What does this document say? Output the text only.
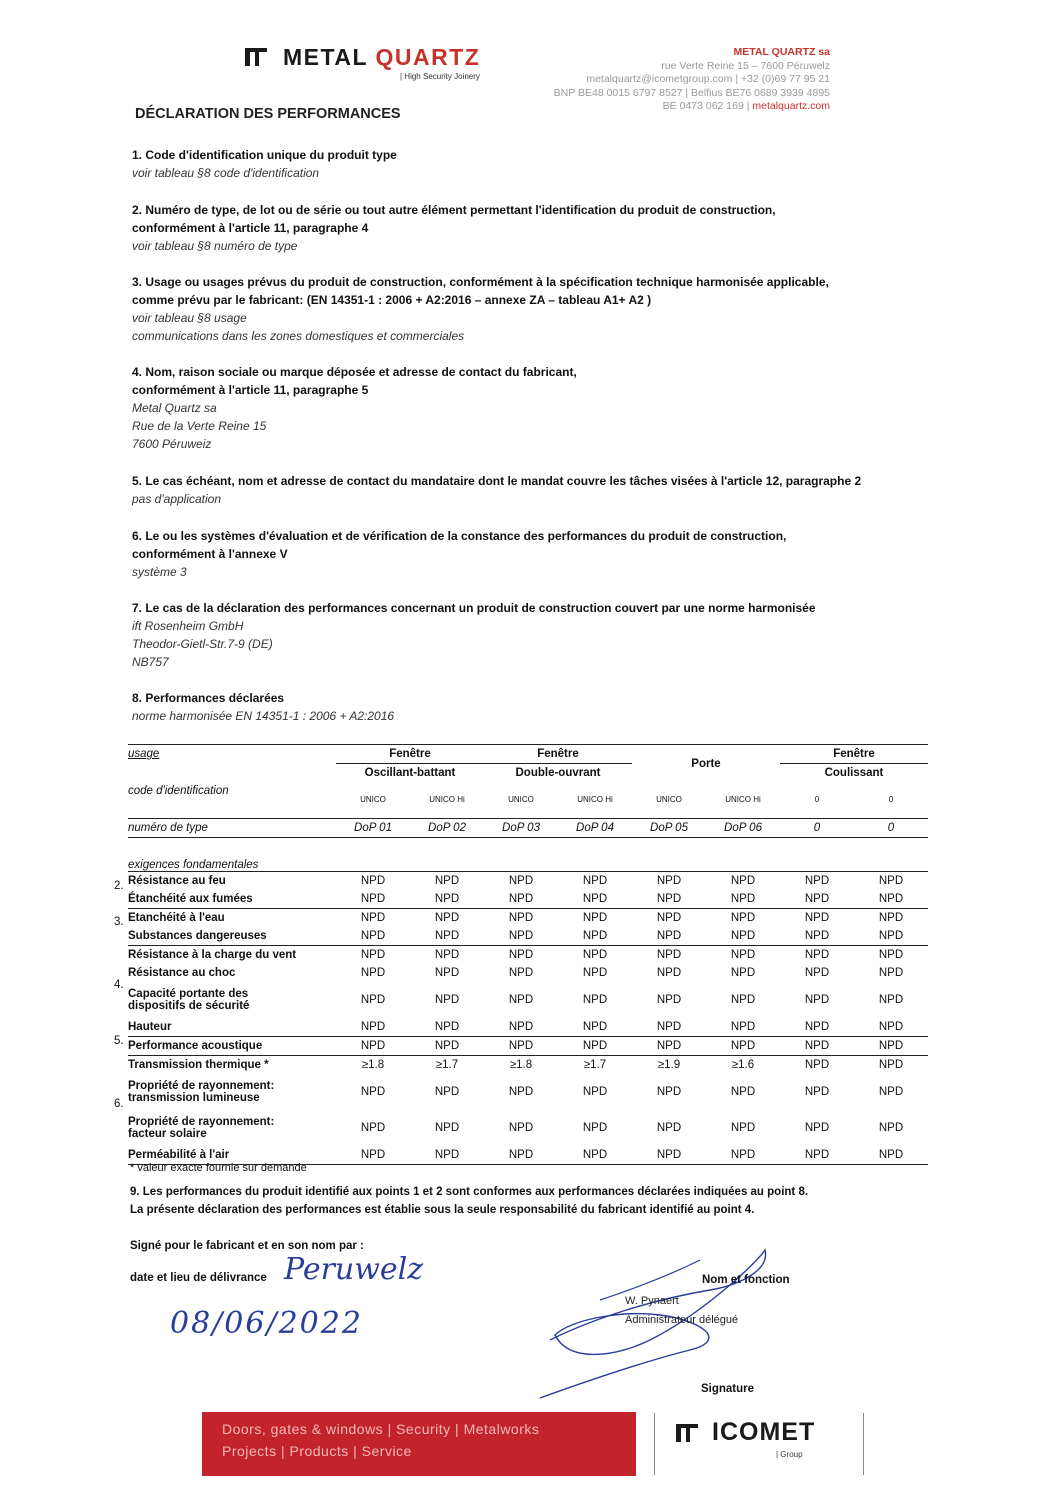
METAL QUARTZ
| High Security Joinery
METAL QUARTZ sa
rue Verte Reine 15 – 7600 Péruwelz
metalquartz@icometgroup.com | +32 (0)69 77 95 21
BNP BE48 0015 6797 8527 | Belfius BE76 0689 3939 4895
BE 0473 062 169 | metalquartz.com
DÉCLARATION DES PERFORMANCES
1. Code d'identification unique du produit type
voir tableau §8 code d'identification
2. Numéro de type, de lot ou de série ou tout autre élément permettant l'identification du produit de construction,
conformément à l'article 11, paragraphe 4
voir tableau §8 numéro de type
3. Usage ou usages prévus du produit de construction, conformément à la spécification technique harmonisée applicable,
comme prévu par le fabricant: (EN 14351-1 : 2006 + A2:2016 – annexe ZA – tableau A1+ A2 )
voir tableau §8 usage
communications dans les zones domestiques et commerciales
4. Nom, raison sociale ou marque déposée et adresse de contact du fabricant,
conformément à l'article 11, paragraphe 5
Metal Quartz sa
Rue de la Verte Reine 15
7600 Péruweiz
5. Le cas échéant, nom et adresse de contact du mandataire dont le mandat couvre les tâches visées à l'article 12, paragraphe 2
pas d'application
6. Le ou les systèmes d'évaluation et de vérification de la constance des performances du produit de construction,
conformément à l'annexe V
système 3
7. Le cas de la déclaration des performances concernant un produit de construction couvert par une norme harmonisée
ift Rosenheim GmbH
Theodor-Gietl-Str.7-9 (DE)
NB757
8. Performances déclarées
norme harmonisée EN 14351-1 : 2006 + A2:2016
usage	Fenêtre		Fenêtre		Porte		Fenêtre	
code d'identification	Oscillant-battant		Double-ouvrant				Coulissant	
	UNICO	UNICO Hi	UNICO	UNICO Hi	UNICO	UNICO Hi	0	0
numéro de type	DoP 01	DoP 02	DoP 03	DoP 04	DoP 05	DoP 06	0	0
exigences fondamentales								

Résistance au feu	NPD	NPD	NPD	NPD	NPD	NPD	NPD	NPD

Étanchéité aux fumées	NPD	NPD	NPD	NPD	NPD	NPD	NPD	NPD

Etanchéité à l'eau	NPD	NPD	NPD	NPD	NPD	NPD	NPD	NPD

Substances dangereuses	NPD	NPD	NPD	NPD	NPD	NPD	NPD	NPD

Résistance à la charge du vent	NPD	NPD	NPD	NPD	NPD	NPD	NPD	NPD

Résistance au choc	NPD	NPD	NPD	NPD	NPD	NPD	NPD	NPD

Capacité portante des
dispositifs de sécurité	NPD	NPD	NPD	NPD	NPD	NPD	NPD	NPD

Hauteur	NPD	NPD	NPD	NPD	NPD	NPD	NPD	NPD

Performance acoustique	NPD	NPD	NPD	NPD	NPD	NPD	NPD	NPD

Transmission thermique *	≥1.8	≥1.7	≥1.8	≥1.7	≥1.9	≥1.6	NPD	NPD

Propriété de rayonnement:
transmission lumineuse	NPD	NPD	NPD	NPD	NPD	NPD	NPD	NPD

Propriété de rayonnement:
facteur solaire	NPD	NPD	NPD	NPD	NPD	NPD	NPD	NPD

Perméabilité à l'air	NPD	NPD	NPD	NPD	NPD	NPD	NPD	NPD
2.
3.
4.
5.
6.
* valeur exacte fournie sur demande
9. Les performances du produit identifié aux points 1 et 2 sont conformes aux performances déclarées indiquées au point 8.
La présente déclaration des performances est établie sous la seule responsabilité du fabricant identifié au point 4.
Signé pour le fabricant et en son nom par :
date et lieu de délivrance Peruwelz
08/06/2022
Nom et fonction
W. Pynaert
Administrateur délégué
Signature
Doors, gates & windows | Security | Metalworks
Projects | Products | Service
ICOMET
| Group
